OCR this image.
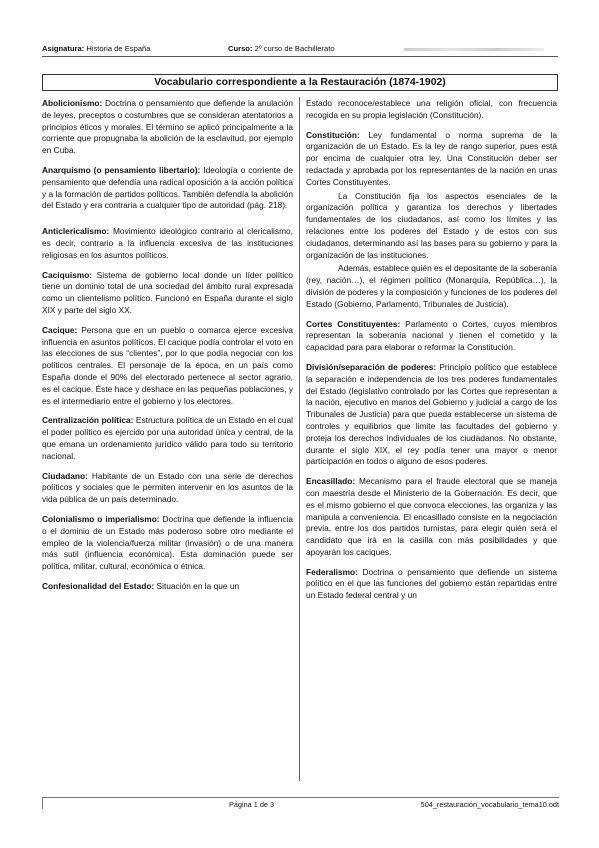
Asignatura: Historia de España	Curso: 2º curso de Bachillerato
Vocabulario correspondiente a la Restauración (1874-1902)

Abolicionismo: Doctrina o pensamiento que defiende la anulación de leyes, preceptos o costumbres que se consideran atentatorios a principios éticos y morales. El término se aplicó principalmente a la corriente que propugnaba la abolición de la esclavitud, por ejemplo en Cuba.

Anarquismo (o pensamiento libertario): Ideología o corriente de pensamiento que defendía una radical oposición a la acción política y a la formación de partidos políticos. También defendía la abolición del Estado y era contraria a cualquier tipo de autoridad (pág. 218).

Anticlericalismo: Movimiento ideológico contrario al clericalismo, es decir, contrario a la influencia excesiva de las instituciones religiosas en los asuntos políticos.

Caciquismo: Sistema de gobierno local donde un líder político tiene un dominio total de una sociedad del ámbito rural expresada como un clientelismo político. Funcionó en España durante el siglo XIX y parte del siglo XX.

Cacique: Persona que en un pueblo o comarca ejerce excesiva influencia en asuntos políticos. El cacique podía controlar el voto en las elecciones de sus “clientes”, por lo que podía negociar con los políticos centrales. El personaje de la época, en un país como España donde el 90% del electorado pertenece al sector agrario, es el cacique. Éste hace y deshace en las pequeñas poblaciones, y es el intermediario entre el gobierno y los electores.

Centralización política: Estructura política de un Estado en el cual el poder político es ejercido por una autoridad única y central, de la que emana un ordenamiento jurídico válido para todo su territorio nacional.

Ciudadano: Habitante de un Estado con una serie de derechos políticos y sociales que le permiten intervenir en los asuntos de la vida pública de un país determinado.

Colonialismo o imperialismo: Doctrina que defiende la influencia o el dominio de un Estado más poderoso sobre otro mediante el empleo de la violencia/fuerza militar (invasión) o de una manera más sutil (influencia económica). Esta dominación puede ser política, militar, cultural, económica o étnica.

Confesionalidad del Estado: Situación en la que un

Estado reconoce/establece una religión oficial, con frecuencia recogida en su propia legislación (Constitución).

Constitución: Ley fundamental o norma suprema de la organización de un Estado. Es la ley de rango superior, pues está por encima de cualquier otra ley. Una Constitución deber ser redactada y aprobada por los representantes de la nación en unas Cortes Constituyentes.

La Constitución fija los aspectos esenciales de la organización política y garantiza los derechos y libertades fundamentales de los ciudadanos, así como los límites y las relaciones entre los poderes del Estado y de estos con sus ciudadanos, determinando así las bases para su gobierno y para la organización de las instituciones.

Además, establece quién es el depositante de la soberanía (rey, nación…), el régimen político (Monarquía, República…), la división de poderes y la composición y funciones de los poderes del Estado (Gobierno, Parlamento, Tribunales de Justicia).

Cortes Constituyentes: Parlamento o Cortes, cuyos miembros representan la soberanía nacional y tienen el cometido y la capacidad para para elaborar o reformar la Constitución.

División/separación de poderes: Principio político que establece la separación e independencia de los tres poderes fundamentales del Estado (legislativo controlado por las Cortes que representan a la nación, ejecutivo en manos del Gobierno y judicial a cargo de los Tribunales de Justicia) para que pueda establecerse un sistema de controles y equilibrios que limite las facultades del gobierno y proteja los derechos individuales de los ciudadanos. No obstante, durante el siglo XIX, el rey podía tener una mayor o menor participación en todos o alguno de esos poderes.

Encasillado: Mecanismo para el fraude electoral que se maneja con maestría desde el Ministerio de la Gobernación. Es decir, que es el mismo gobierno el que convoca elecciones, las organiza y las manipula a conveniencia. El encasillado consiste en la negociación previa, entre los dos partidos turnistas, para elegir quién será el candidato que irá en la casilla con más posibilidades y que apoyarán los caciques.

Federalismo: Doctrina o pensamiento que defiende un sistema político en el que las funciones del gobierno están repartidas entre un Estado federal central y un

Página 1 de 3	504_restauración_vocabulario_tema10.odt
